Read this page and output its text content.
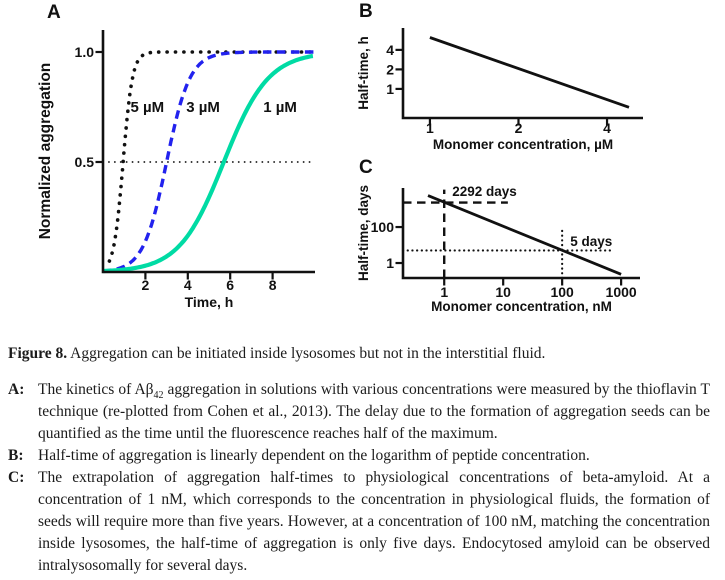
5 µM 3 µM	1 µM
2 4 6 8
0.5
1.0
Time, h
Normalized aggregation	1	2	4
1
2
4
Monomer concentration, µM
Half-time, h
1	10	100 1000
1
100
Monomer concentration, nM
Half-time, days	2292 days
5 days
A	B
C

Figure 8. Aggregation can be initiated inside lysosomes but not in the interstitial fluid.

A: The kinetics of $A\beta_{42}$ aggregation in solutions with various concentrations were measured by the thioflavin T technique (re-plotted from Cohen et al., 2013). The delay due to the formation of aggregation seeds can be quantified as the time until the fluorescence reaches half of the maximum.
B: Half-time of aggregation is linearly dependent on the logarithm of peptide concentration.
C: The extrapolation of aggregation half-times to physiological concentrations of beta-amyloid. At a concentration of 1 nM, which corresponds to the concentration in physiological fluids, the formation of seeds will require more than five years. However, at a concentration of 100 nM, matching the concentration inside lysosomes, the half-time of aggregation is only five days. Endocytosed amyloid can be observed intralysosomally for several days.
